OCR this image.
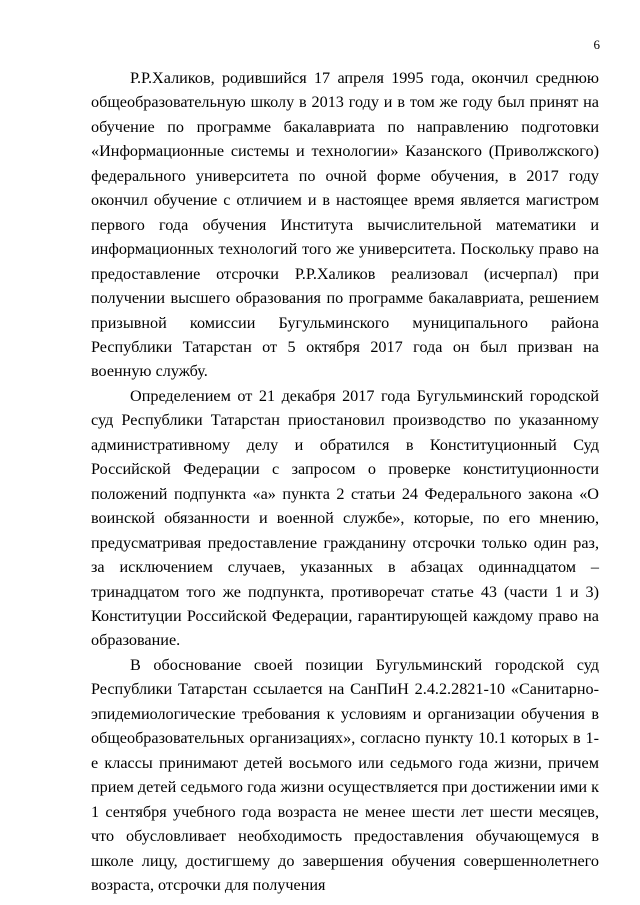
6

Р.Р.Халиков, родившийся 17 апреля 1995 года, окончил среднюю общеобразовательную школу в 2013 году и в том же году был принят на обучение по программе бакалавриата по направлению подготовки «Информационные системы и технологии» Казанского (Приволжского) федерального университета по очной форме обучения, в 2017 году окончил обучение с отличием и в настоящее время является магистром первого года обучения Института вычислительной математики и информационных технологий того же университета. Поскольку право на предоставление отсрочки Р.Р.Халиков реализовал (исчерпал) при получении высшего образования по программе бакалавриата, решением призывной комиссии Бугульминского муниципального района Республики Татарстан от 5 октября 2017 года он был призван на военную службу.

Определением от 21 декабря 2017 года Бугульминский городской суд Республики Татарстан приостановил производство по указанному административному делу и обратился в Конституционный Суд Российской Федерации с запросом о проверке конституционности положений подпункта «а» пункта 2 статьи 24 Федерального закона «О воинской обязанности и военной службе», которые, по его мнению, предусматривая предоставление гражданину отсрочки только один раз, за исключением случаев, указанных в абзацах одиннадцатом – тринадцатом того же подпункта, противоречат статье 43 (части 1 и 3) Конституции Российской Федерации, гарантирующей каждому право на образование.

В обоснование своей позиции Бугульминский городской суд Республики Татарстан ссылается на СанПиН 2.4.2.2821-10 «Санитарно-эпидемиологические требования к условиям и организации обучения в общеобразовательных организациях», согласно пункту 10.1 которых в 1-е классы принимают детей восьмого или седьмого года жизни, причем прием детей седьмого года жизни осуществляется при достижении ими к 1 сентября учебного года возраста не менее шести лет шести месяцев, что обусловливает необходимость предоставления обучающемуся в школе лицу, достигшему до завершения обучения совершеннолетнего возраста, отсрочки для получения
